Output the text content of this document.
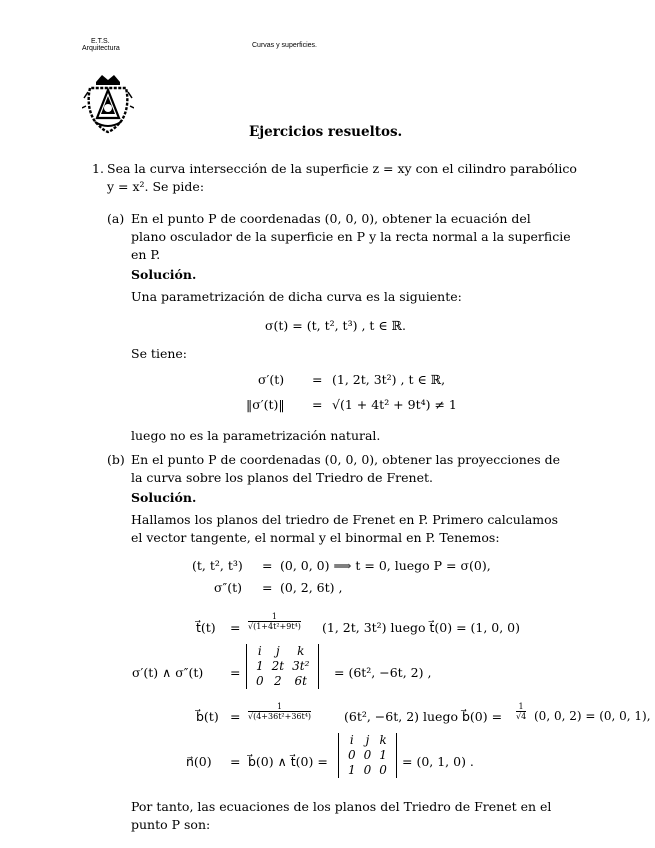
E.T.S.
Arquitectura	Curvas y superficies.
Ejercicios resueltos.

1. Sea la curva intersección de la superficie z = xy con el cilindro parabólico

y = x². Se pide:

(a) En el punto P de coordenadas (0, 0, 0), obtener la ecuación del

plano osculador de la superficie en P y la recta normal a la superficie

en P.

Solución.

Una parametrización de dicha curva es la siguiente:

σ(t) = (t, t², t³) , t ∈ ℝ.

Se tiene:

σ′(t) = (1, 2t, 3t²) , t ∈ ℝ,
‖σ′(t)‖ = √(1 + 4t² + 9t⁴) ≠ 1

luego no es la parametrización natural.

(b) En el punto P de coordenadas (0, 0, 0), obtener las proyecciones de

la curva sobre los planos del Triedro de Frenet.

Solución.

Hallamos los planos del triedro de Frenet en P. Primero calculamos

el vector tangente, el normal y el binormal en P. Tenemos:

(t, t², t³) = (0, 0, 0) ⟹ t = 0, luego P = σ(0),
σ″(t) = (0, 2, 6t) ,
t⃗(t) = $\frac{1}{\text{√(1+4t²+9t⁴)}} (1$, 2t, 3t²) luego t⃗(0) = (1, 0, 0)
σ′(t) ∧ σ″(t) =
i	j	k
1	2t	3t²
0	2	6t
= (6t², −6t, 2) ,
b⃗(t) = $\frac{1}{\text{√(4+36t²+36t⁴)}}$	(6t², −6t, 2) luego b⃗(0) = $\frac{1}{√4} (0$, 0, 2) = (0, 0, 1),
n⃗(0) = b⃗(0) ∧ t⃗(0) =
i	j	k
0	0	1
1	0	0
= (0, 1, 0) .

Por tanto, las ecuaciones de los planos del Triedro de Frenet en el

punto P son:
